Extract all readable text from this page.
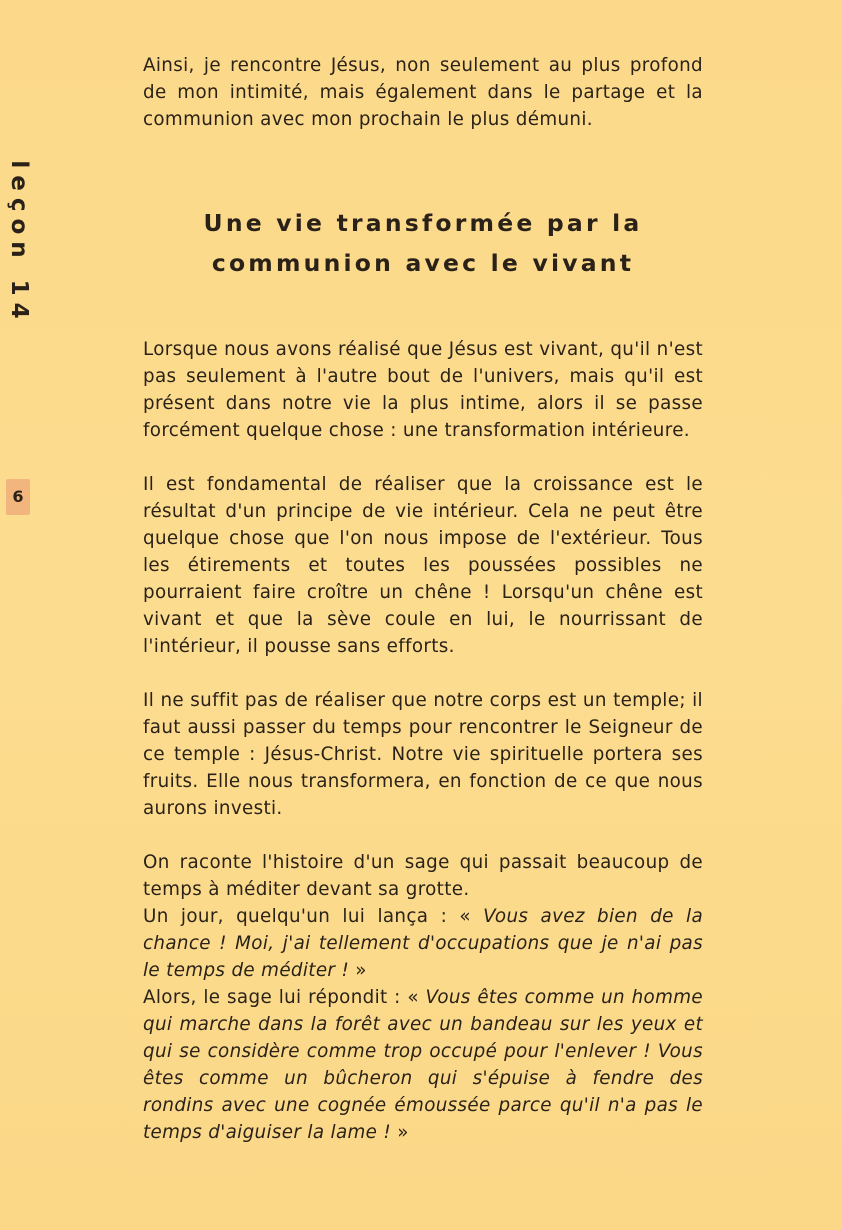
leçon 14
6

Ainsi, je rencontre Jésus, non seulement au plus profond de mon intimité, mais également dans le partage et la communion avec mon prochain le plus démuni.

Une vie transformée par la
communion avec le vivant

Lorsque nous avons réalisé que Jésus est vivant, qu'il n'est pas seulement à l'autre bout de l'univers, mais qu'il est présent dans notre vie la plus intime, alors il se passe forcément quelque chose : une transformation intérieure.

Il est fondamental de réaliser que la croissance est le résultat d'un principe de vie intérieur. Cela ne peut être quelque chose que l'on nous impose de l'extérieur. Tous les étirements et toutes les poussées possibles ne pourraient faire croître un chêne ! Lorsqu'un chêne est vivant et que la sève coule en lui, le nourrissant de l'intérieur, il pousse sans efforts.

Il ne suffit pas de réaliser que notre corps est un temple; il faut aussi passer du temps pour rencontrer le Seigneur de ce temple : Jésus-Christ. Notre vie spirituelle portera ses fruits. Elle nous transformera, en fonction de ce que nous aurons investi.

On raconte l'histoire d'un sage qui passait beaucoup de temps à méditer devant sa grotte.

Un jour, quelqu'un lui lança : « Vous avez bien de la chance ! Moi, j'ai tellement d'occupations que je n'ai pas le temps de méditer ! »

Alors, le sage lui répondit : « Vous êtes comme un homme qui marche dans la forêt avec un bandeau sur les yeux et qui se considère comme trop occupé pour l'enlever ! Vous êtes comme un bûcheron qui s'épuise à fendre des rondins avec une cognée émoussée parce qu'il n'a pas le temps d'aiguiser la lame ! »
